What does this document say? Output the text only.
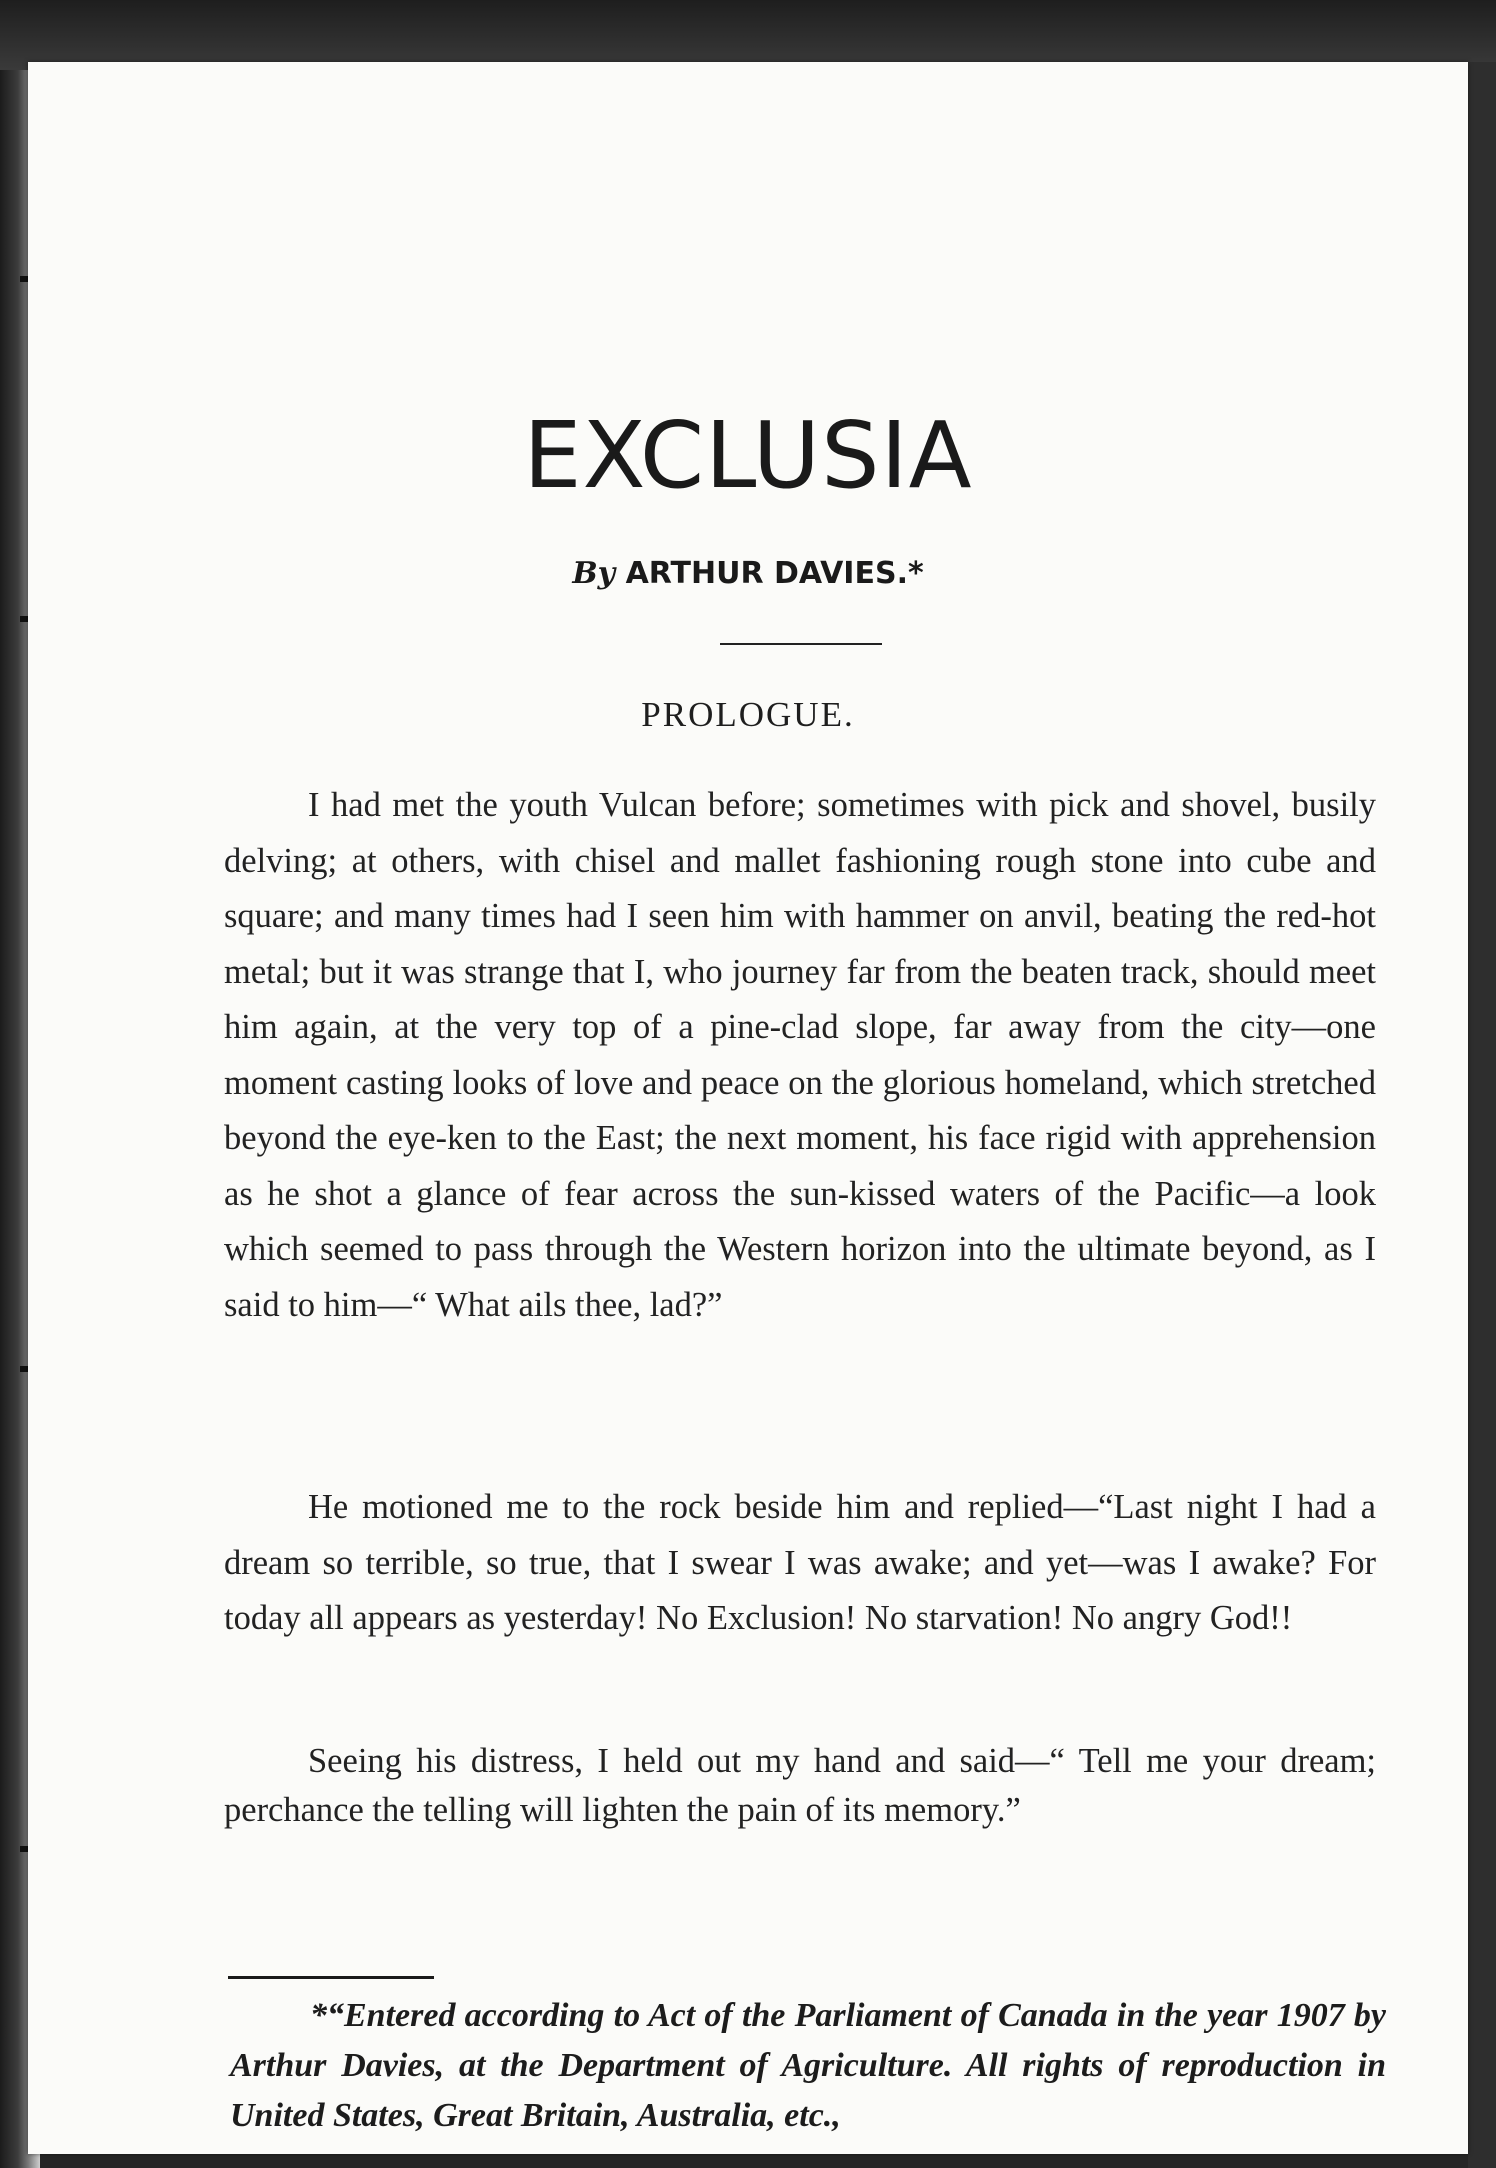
EXCLUSIA
By ARTHUR DAVIES.*
PROLOGUE.

I had met the youth Vulcan before; sometimes with pick and shovel, busily delving; at others, with chisel and mallet fashioning rough stone into cube and square; and many times had I seen him with hammer on anvil, beating the red-hot metal; but it was strange that I, who journey far from the beaten track, should meet him again, at the very top of a pine-clad slope, far away from the city—one moment casting looks of love and peace on the glorious homeland, which stretched beyond the eye-ken to the East; the next moment, his face rigid with apprehension as he shot a glance of fear across the sun-kissed waters of the Pacific—a look which seemed to pass through the Western horizon into the ultimate beyond, as I said to him—“ What ails thee, lad?”

He motioned me to the rock beside him and replied—“Last night I had a dream so terrible, so true, that I swear I was awake; and yet—was I awake? For today all appears as yesterday! No Exclusion! No starvation! No angry God!!

Seeing his distress, I held out my hand and said—“ Tell me your dream; perchance the telling will lighten the pain of its memory.”

*“Entered according to Act of the Parliament of Canada in the year 1907 by Arthur Davies, at the Department of Agriculture. All rights of reproduction in United States, Great Britain, Australia, etc.,
